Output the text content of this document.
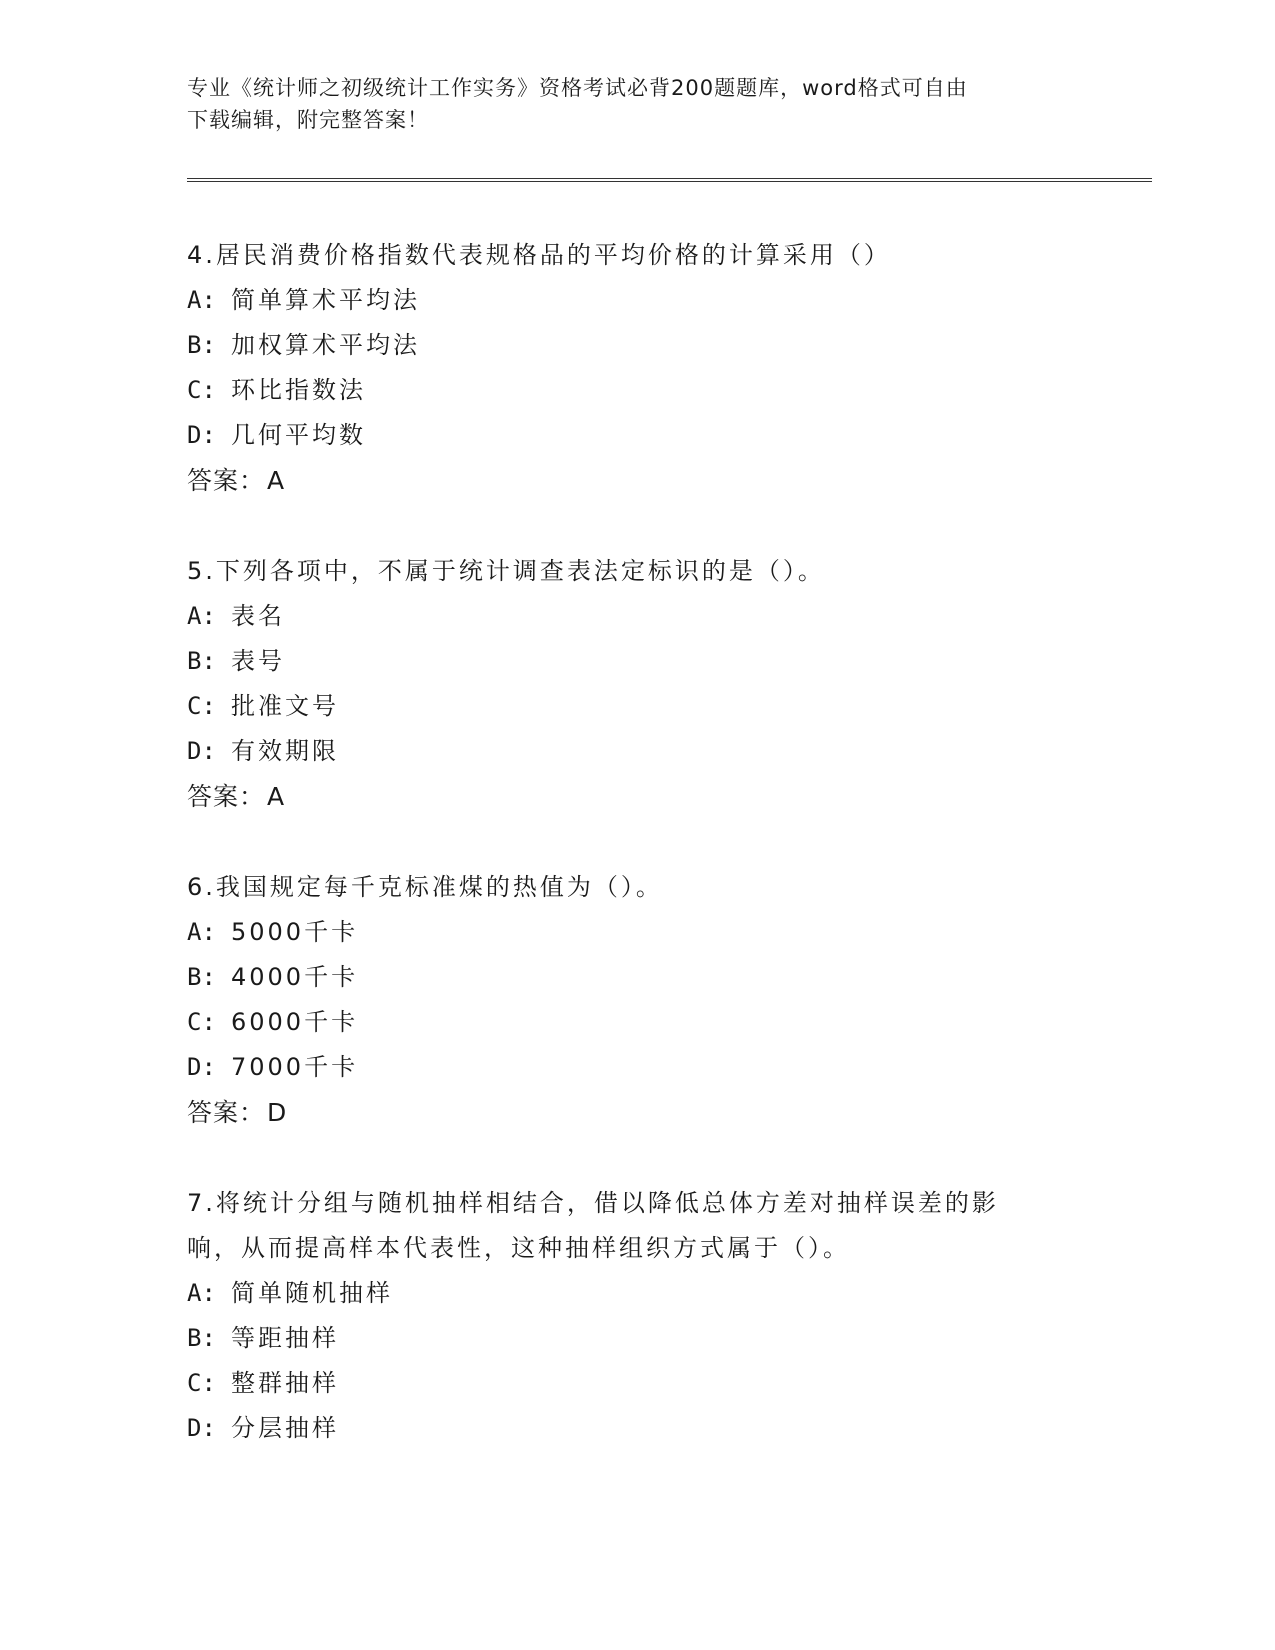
专业《统计师之初级统计工作实务》资格考试必背200题题库，word格式可自由
下载编辑，附完整答案！
4.居民消费价格指数代表规格品的平均价格的计算采用（）
A: 简单算术平均法
B: 加权算术平均法
C: 环比指数法
D: 几何平均数
答案：A
5.下列各项中，不属于统计调查表法定标识的是（）。
A: 表名
B: 表号
C: 批准文号
D: 有效期限
答案：A
6.我国规定每千克标准煤的热值为（）。
A: 5000千卡
B: 4000千卡
C: 6000千卡
D: 7000千卡
答案：D
7.将统计分组与随机抽样相结合，借以降低总体方差对抽样误差的影
响，从而提高样本代表性，这种抽样组织方式属于（）。
A: 简单随机抽样
B: 等距抽样
C: 整群抽样
D: 分层抽样
